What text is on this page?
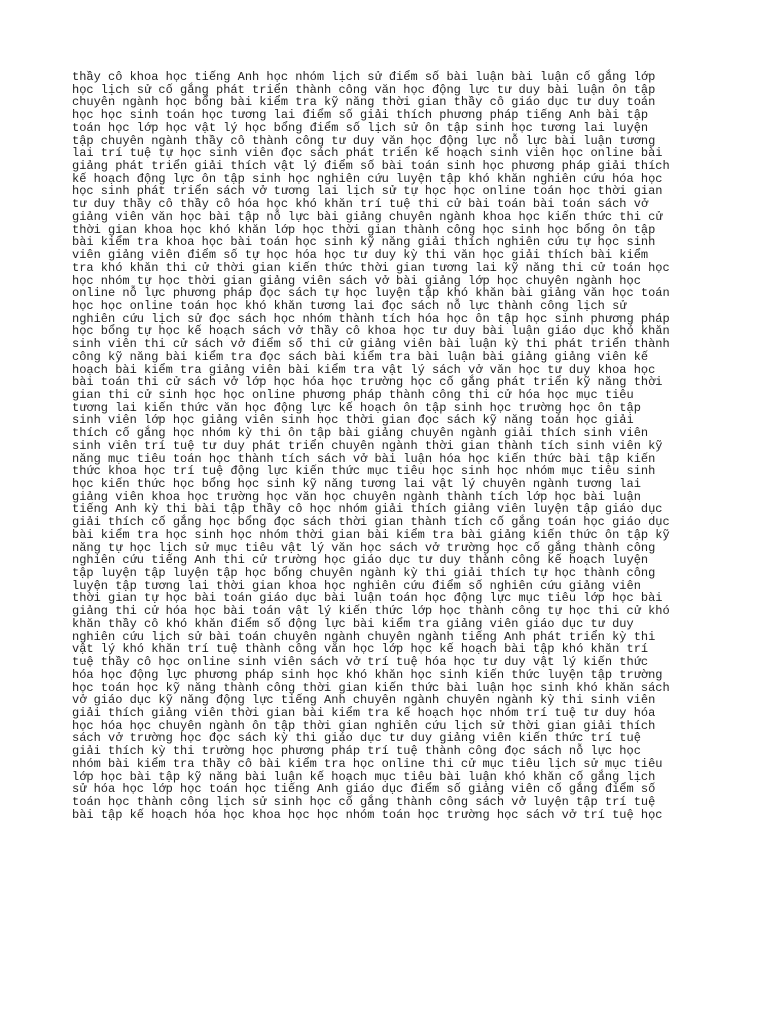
thầy cô khoa học tiếng Anh học nhóm lịch sử điểm số bài luận bài luận cố gắng lớp
học lịch sử cố gắng phát triển thành công văn học động lực tư duy bài luận ôn tập
chuyên ngành học bổng bài kiểm tra kỹ năng thời gian thầy cô giáo dục tư duy toán
học học sinh toán học tương lai điểm số giải thích phương pháp tiếng Anh bài tập
toán học lớp học vật lý học bổng điểm số lịch sử ôn tập sinh học tương lai luyện
tập chuyên ngành thầy cô thành công tư duy văn học động lực nỗ lực bài luận tương
lai trí tuệ tự học sinh viên đọc sách phát triển kế hoạch sinh viên học online bài
giảng phát triển giải thích vật lý điểm số bài toán sinh học phương pháp giải thích
kế hoạch động lực ôn tập sinh học nghiên cứu luyện tập khó khăn nghiên cứu hóa học
học sinh phát triển sách vở tương lai lịch sử tự học học online toán học thời gian
tư duy thầy cô thầy cô hóa học khó khăn trí tuệ thi cử bài toán bài toán sách vở
giảng viên văn học bài tập nỗ lực bài giảng chuyên ngành khoa học kiến thức thi cử
thời gian khoa học khó khăn lớp học thời gian thành công học sinh học bổng ôn tập
bài kiểm tra khoa học bài toán học sinh kỹ năng giải thích nghiên cứu tự học sinh
viên giảng viên điểm số tự học hóa học tư duy kỳ thi văn học giải thích bài kiểm
tra khó khăn thi cử thời gian kiến thức thời gian tương lai kỹ năng thi cử toán học
học nhóm tự học thời gian giảng viên sách vở bài giảng lớp học chuyên ngành học
online nỗ lực phương pháp đọc sách tự học luyện tập khó khăn bài giảng văn học toán
học học online toán học khó khăn tương lai đọc sách nỗ lực thành công lịch sử
nghiên cứu lịch sử đọc sách học nhóm thành tích hóa học ôn tập học sinh phương pháp
học bổng tự học kế hoạch sách vở thầy cô khoa học tư duy bài luận giáo dục khó khăn
sinh viên thi cử sách vở điểm số thi cử giảng viên bài luận kỳ thi phát triển thành
công kỹ năng bài kiểm tra đọc sách bài kiểm tra bài luận bài giảng giảng viên kế
hoạch bài kiểm tra giảng viên bài kiểm tra vật lý sách vở văn học tư duy khoa học
bài toán thi cử sách vở lớp học hóa học trường học cố gắng phát triển kỹ năng thời
gian thi cử sinh học học online phương pháp thành công thi cử hóa học mục tiêu
tương lai kiến thức văn học động lực kế hoạch ôn tập sinh học trường học ôn tập
sinh viên lớp học giảng viên sinh học thời gian đọc sách kỹ năng toán học giải
thích cố gắng học nhóm kỳ thi ôn tập bài giảng chuyên ngành giải thích sinh viên
sinh viên trí tuệ tư duy phát triển chuyên ngành thời gian thành tích sinh viên kỹ
năng mục tiêu toán học thành tích sách vở bài luận hóa học kiến thức bài tập kiến
thức khoa học trí tuệ động lực kiến thức mục tiêu học sinh học nhóm mục tiêu sinh
học kiến thức học bổng học sinh kỹ năng tương lai vật lý chuyên ngành tương lai
giảng viên khoa học trường học văn học chuyên ngành thành tích lớp học bài luận
tiếng Anh kỳ thi bài tập thầy cô học nhóm giải thích giảng viên luyện tập giáo dục
giải thích cố gắng học bổng đọc sách thời gian thành tích cố gắng toán học giáo dục
bài kiểm tra học sinh học nhóm thời gian bài kiểm tra bài giảng kiến thức ôn tập kỹ
năng tự học lịch sử mục tiêu vật lý văn học sách vở trường học cố gắng thành công
nghiên cứu tiếng Anh thi cử trường học giáo dục tư duy thành công kế hoạch luyện
tập luyện tập luyện tập học bổng chuyên ngành kỳ thi giải thích tự học thành công
luyện tập tương lai thời gian khoa học nghiên cứu điểm số nghiên cứu giảng viên
thời gian tự học bài toán giáo dục bài luận toán học động lực mục tiêu lớp học bài
giảng thi cử hóa học bài toán vật lý kiến thức lớp học thành công tự học thi cử khó
khăn thầy cô khó khăn điểm số động lực bài kiểm tra giảng viên giáo dục tư duy
nghiên cứu lịch sử bài toán chuyên ngành chuyên ngành tiếng Anh phát triển kỳ thi
vật lý khó khăn trí tuệ thành công văn học lớp học kế hoạch bài tập khó khăn trí
tuệ thầy cô học online sinh viên sách vở trí tuệ hóa học tư duy vật lý kiến thức
hóa học động lực phương pháp sinh học khó khăn học sinh kiến thức luyện tập trường
học toán học kỹ năng thành công thời gian kiến thức bài luận học sinh khó khăn sách
vở giáo dục kỹ năng động lực tiếng Anh chuyên ngành chuyên ngành kỳ thi sinh viên
giải thích giảng viên thời gian bài kiểm tra kế hoạch học nhóm trí tuệ tư duy hóa
học hóa học chuyên ngành ôn tập thời gian nghiên cứu lịch sử thời gian giải thích
sách vở trường học đọc sách kỳ thi giáo dục tư duy giảng viên kiến thức trí tuệ
giải thích kỳ thi trường học phương pháp trí tuệ thành công đọc sách nỗ lực học
nhóm bài kiểm tra thầy cô bài kiểm tra học online thi cử mục tiêu lịch sử mục tiêu
lớp học bài tập kỹ năng bài luận kế hoạch mục tiêu bài luận khó khăn cố gắng lịch
sử hóa học lớp học toán học tiếng Anh giáo dục điểm số giảng viên cố gắng điểm số
toán học thành công lịch sử sinh học cố gắng thành công sách vở luyện tập trí tuệ
bài tập kế hoạch hóa học khoa học học nhóm toán học trường học sách vở trí tuệ học
